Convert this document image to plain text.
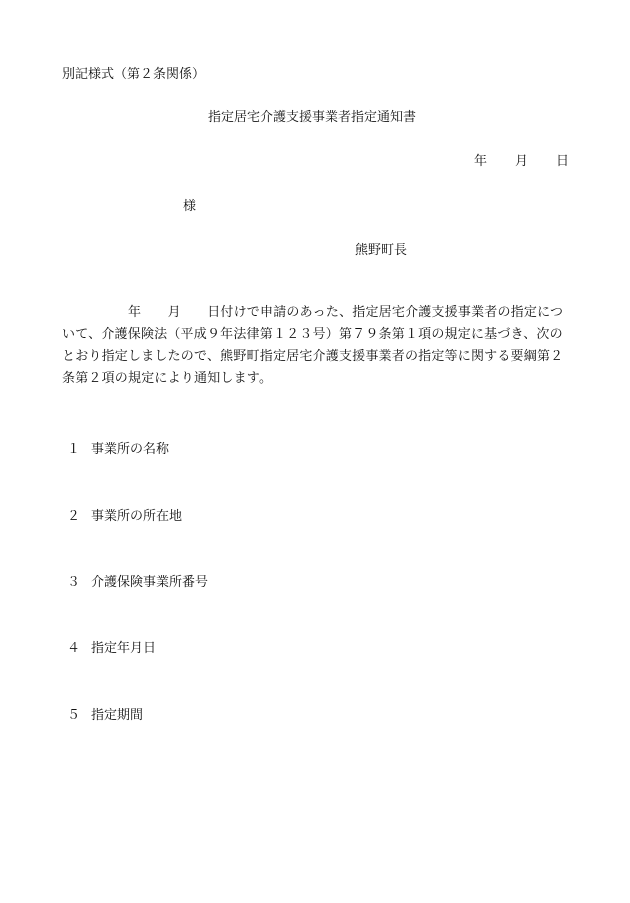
別記様式（第２条関係）
指定居宅介護支援事業者指定通知書
年 月 日
様
熊野町長
　　　　　年　　月　　日付けで申請のあった、指定居宅介護支援事業者の指定につ
いて、介護保険法（平成９年法律第１２３号）第７９条第１項の規定に基づき、次の
とおり指定しましたので、熊野町指定居宅介護支援事業者の指定等に関する要綱第２
条第２項の規定により通知します。
１ 事業所の名称
２ 事業所の所在地
３ 介護保険事業所番号
４ 指定年月日
５ 指定期間
